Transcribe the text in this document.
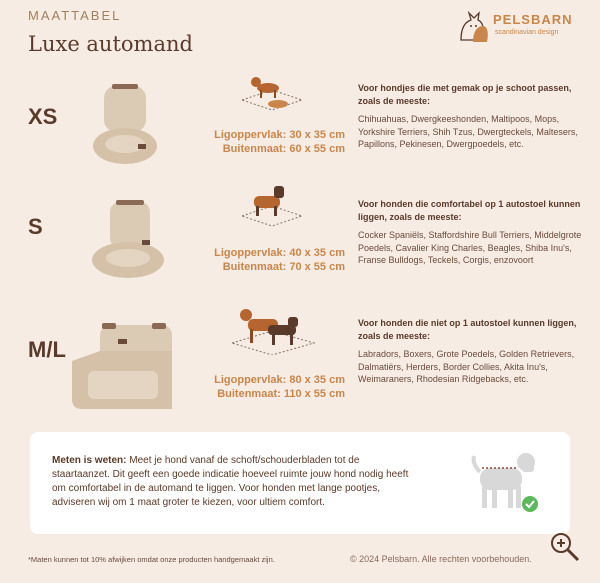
MAATTABEL
Luxe automand
PELSBARN
scandinavian design
XS
Ligoppervlak: 30 x 35 cm
Buitenmaat: 60 x 55 cm
Voor hondjes die met gemak op je schoot passen, zoals de meeste:
Chihuahuas, Dwergkeeshonden, Maltipoos, Mops, Yorkshire Terriers, Shih Tzus, Dwergteckels, Maltesers, Papillons, Pekinesen, Dwergpoedels, etc.
S
Ligoppervlak: 40 x 35 cm
Buitenmaat: 70 x 55 cm
Voor honden die comfortabel op 1 autostoel kunnen liggen, zoals de meeste:
Cocker Spaniëls, Staffordshire Bull Terriers, Middelgrote Poedels, Cavalier King Charles, Beagles, Shiba Inu's, Franse Bulldogs, Teckels, Corgis, enzovoort
M/L
Ligoppervlak: 80 x 35 cm
Buitenmaat: 110 x 55 cm
Voor honden die niet op 1 autostoel kunnen liggen, zoals de meeste:
Labradors, Boxers, Grote Poedels, Golden Retrievers, Dalmatiërs, Herders, Border Collies, Akita Inu's, Weimaraners, Rhodesian Ridgebacks, etc.
Meten is weten: Meet je hond vanaf de schoft/schouderbladen tot de staartaanzet. Dit geeft een goede indicatie hoeveel ruimte jouw hond nodig heeft om comfortabel in de automand te liggen. Voor honden met lange pootjes, adviseren wij om 1 maat groter te kiezen, voor ultiem comfort.
*Maten kunnen tot 10% afwijken omdat onze producten handgemaakt zijn.	© 2024 Pelsbarn. Alle rechten voorbehouden.
